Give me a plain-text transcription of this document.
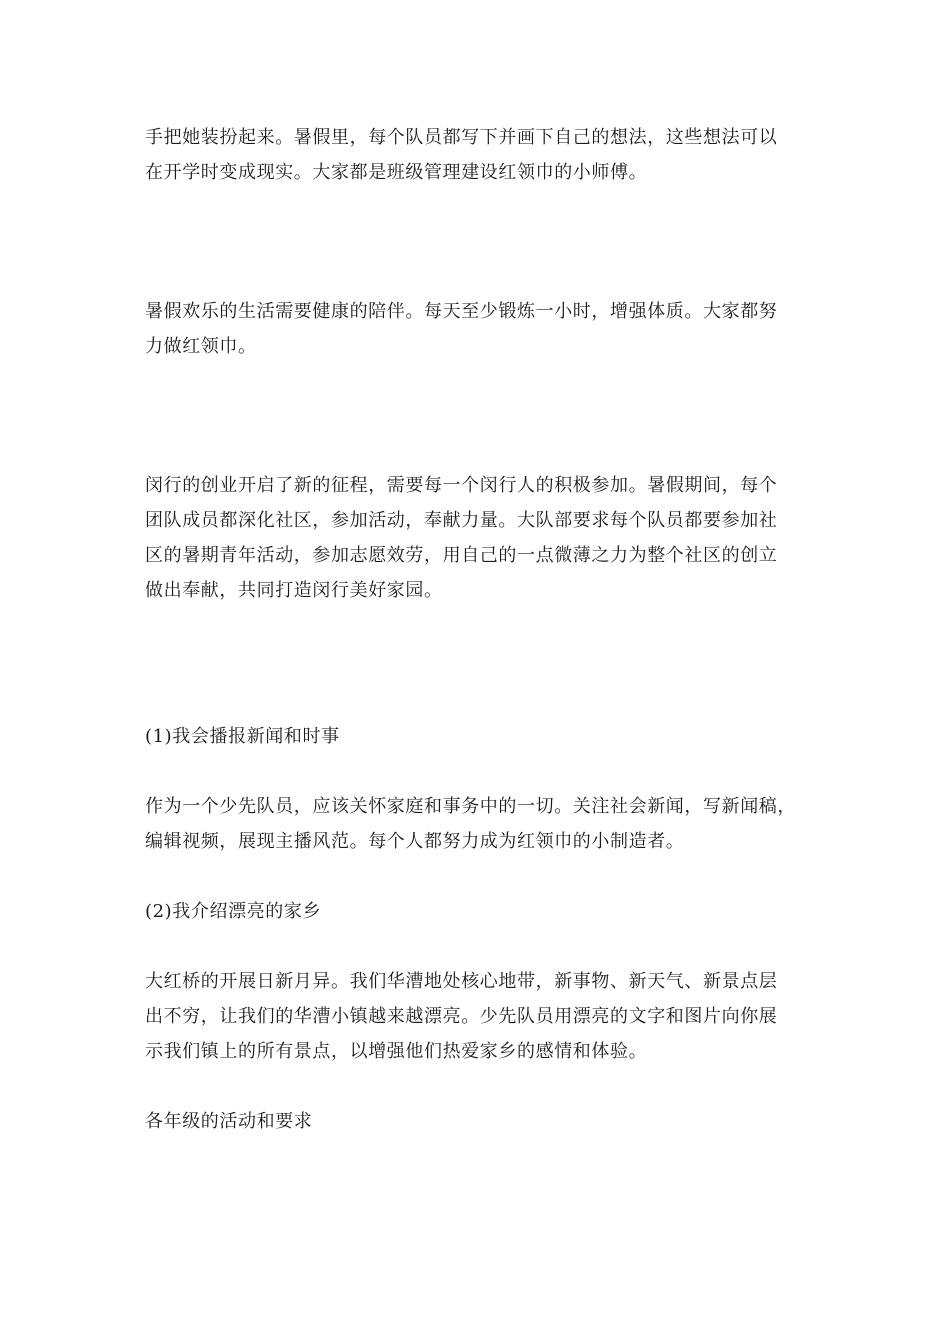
手把她装扮起来。暑假里，每个队员都写下并画下自己的想法，这些想法可以
在开学时变成现实。大家都是班级管理建设红领巾的小师傅。

暑假欢乐的生活需要健康的陪伴。每天至少锻炼一小时，增强体质。大家都努
力做红领巾。

闵行的创业开启了新的征程，需要每一个闵行人的积极参加。暑假期间，每个
团队成员都深化社区，参加活动，奉献力量。大队部要求每个队员都要参加社
区的暑期青年活动，参加志愿效劳，用自己的一点微薄之力为整个社区的创立
做出奉献，共同打造闵行美好家园。

(1)我会播报新闻和时事

作为一个少先队员，应该关怀家庭和事务中的一切。关注社会新闻，写新闻稿，
编辑视频，展现主播风范。每个人都努力成为红领巾的小制造者。

(2)我介绍漂亮的家乡

大红桥的开展日新月异。我们华漕地处核心地带，新事物、新天气、新景点层
出不穷，让我们的华漕小镇越来越漂亮。少先队员用漂亮的文字和图片向你展
示我们镇上的所有景点，以增强他们热爱家乡的感情和体验。

各年级的活动和要求
